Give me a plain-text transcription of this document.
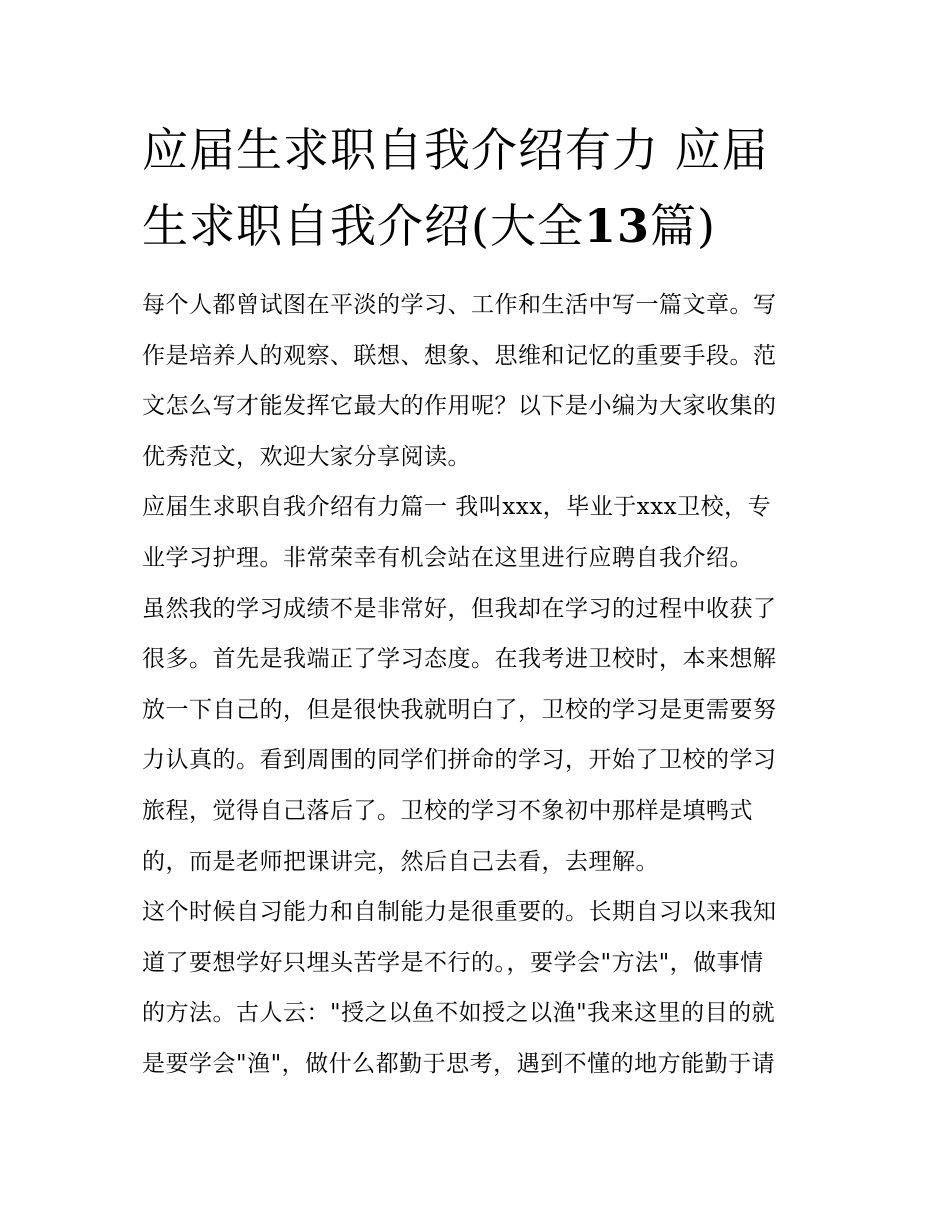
应届生求职自我介绍有力 应届
生求职自我介绍(大全13篇)
每个人都曾试图在平淡的学习、工作和生活中写一篇文章。写
作是培养人的观察、联想、想象、思维和记忆的重要手段。范
文怎么写才能发挥它最大的作用呢？以下是小编为大家收集的
优秀范文，欢迎大家分享阅读。
应届生求职自我介绍有力篇一 我叫xxx，毕业于xxx卫校，专
业学习护理。非常荣幸有机会站在这里进行应聘自我介绍。
虽然我的学习成绩不是非常好，但我却在学习的过程中收获了
很多。首先是我端正了学习态度。在我考进卫校时，本来想解
放一下自己的，但是很快我就明白了，卫校的学习是更需要努
力认真的。看到周围的同学们拼命的学习，开始了卫校的学习
旅程，觉得自己落后了。卫校的学习不象初中那样是填鸭式
的，而是老师把课讲完，然后自己去看，去理解。
这个时候自习能力和自制能力是很重要的。长期自习以来我知
道了要想学好只埋头苦学是不行的。，要学会"方法"，做事情
的方法。古人云："授之以鱼不如授之以渔"我来这里的目的就
是要学会"渔"，做什么都勤于思考，遇到不懂的地方能勤于请
